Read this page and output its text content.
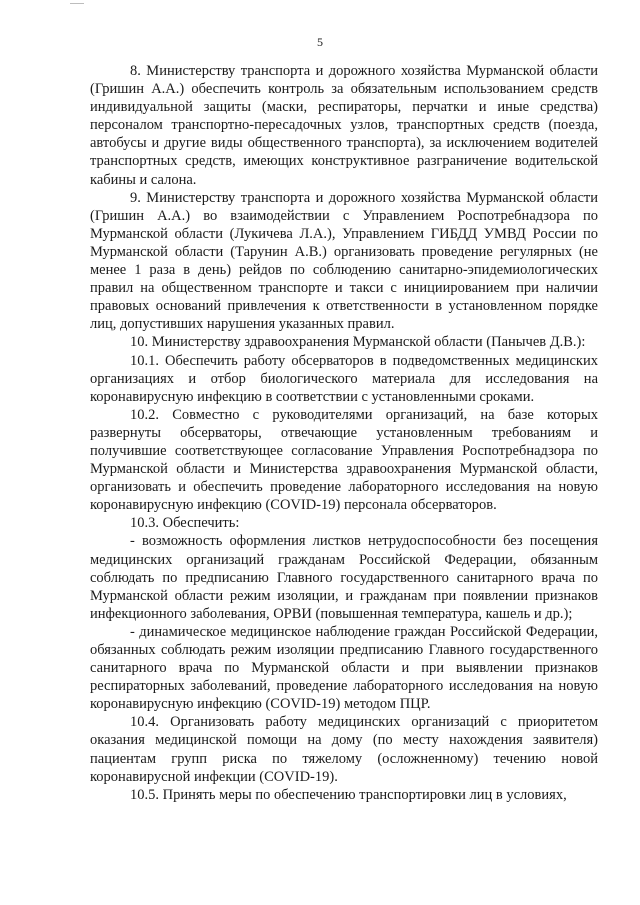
5

8. Министерству транспорта и дорожного хозяйства Мурманской области (Гришин А.А.) обеспечить контроль за обязательным использованием средств индивидуальной защиты (маски, респираторы, перчатки и иные средства) персоналом транспортно-пересадочных узлов, транспортных средств (поезда, автобусы и другие виды общественного транспорта), за исключением водителей транспортных средств, имеющих конструктивное разграничение водительской кабины и салона.

9. Министерству транспорта и дорожного хозяйства Мурманской области (Гришин А.А.) во взаимодействии с Управлением Роспотребнадзора по Мурманской области (Лукичева Л.А.), Управлением ГИБДД УМВД России по Мурманской области (Тарунин А.В.) организовать проведение регулярных (не менее 1 раза в день) рейдов по соблюдению санитарно-эпидемиологических правил на общественном транспорте и такси с инициированием при наличии правовых оснований привлечения к ответственности в установленном порядке лиц, допустивших нарушения указанных правил.

10. Министерству здравоохранения Мурманской области (Панычев Д.В.):

10.1. Обеспечить работу обсерваторов в подведомственных медицинских организациях и отбор биологического материала для исследования на коронавирусную инфекцию в соответствии с установленными сроками.

10.2. Совместно с руководителями организаций, на базе которых развернуты обсерваторы, отвечающие установленным требованиям и получившие соответствующее согласование Управления Роспотребнадзора по Мурманской области и Министерства здравоохранения Мурманской области, организовать и обеспечить проведение лабораторного исследования на новую коронавирусную инфекцию (COVID-19) персонала обсерваторов.

10.3. Обеспечить:

- возможность оформления листков нетрудоспособности без посещения медицинских организаций гражданам Российской Федерации, обязанным соблюдать по предписанию Главного государственного санитарного врача по Мурманской области режим изоляции, и гражданам при появлении признаков инфекционного заболевания, ОРВИ (повышенная температура, кашель и др.);

- динамическое медицинское наблюдение граждан Российской Федерации, обязанных соблюдать режим изоляции предписанию Главного государственного санитарного врача по Мурманской области и при выявлении признаков респираторных заболеваний, проведение лабораторного исследования на новую коронавирусную инфекцию (COVID-19) методом ПЦР.

10.4. Организовать работу медицинских организаций с приоритетом оказания медицинской помощи на дому (по месту нахождения заявителя) пациентам групп риска по тяжелому (осложненному) течению новой коронавирусной инфекции (COVID-19).

10.5. Принять меры по обеспечению транспортировки лиц в условиях,
